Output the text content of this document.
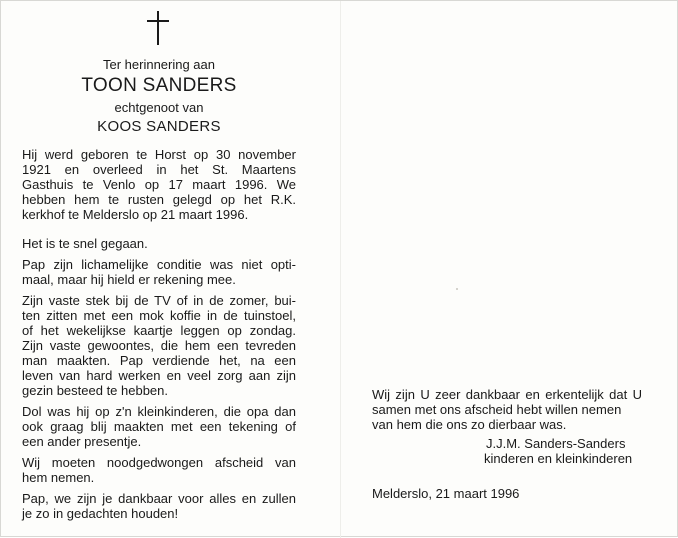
Ter herinnering aan
TOON SANDERS
echtgenoot van
KOOS SANDERS

Hij werd geboren te Horst op 30 november
1921 en overleed in het St. Maartens
Gasthuis te Venlo op 17 maart 1996. We
hebben hem te rusten gelegd op het R.K.
kerkhof te Melderslo op 21 maart 1996.

Het is te snel gegaan.

Pap zijn lichamelijke conditie was niet opti-
maal, maar hij hield er rekening mee.

Zijn vaste stek bij de TV of in de zomer, bui-
ten zitten met een mok koffie in de tuinstoel,
of het wekelijkse kaartje leggen op zondag.
Zijn vaste gewoontes, die hem een tevreden
man maakten. Pap verdiende het, na een
leven van hard werken en veel zorg aan zijn
gezin besteed te hebben.

Dol was hij op z'n kleinkinderen, die opa dan
ook graag blij maakten met een tekening of
een ander presentje.

Wij moeten noodgedwongen afscheid van
hem nemen.

Pap, we zijn je dankbaar voor alles en zullen
je zo in gedachten houden!

Wij zijn U zeer dankbaar en erkentelijk dat U
samen met ons afscheid hebt willen nemen
van hem die ons zo dierbaar was.
J.J.M. Sanders-Sanders
kinderen en kleinkinderen
Melderslo, 21 maart 1996
